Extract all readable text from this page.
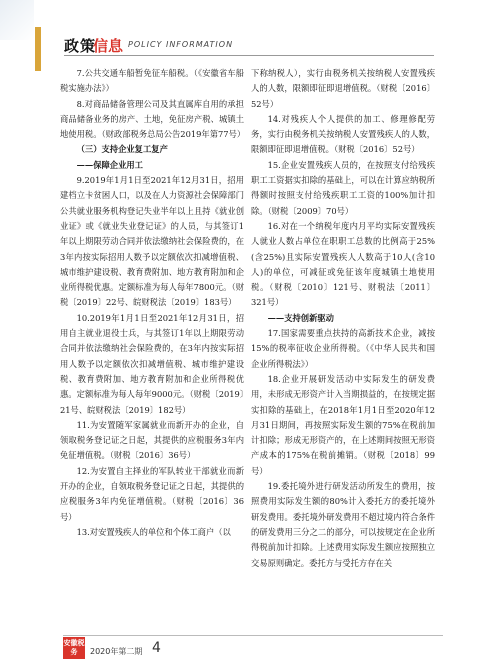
政策
信息 POLICY INFORMATION

7.公共交通车船暂免征车船税。（《安徽省车船税实施办法》）

8.对商品储备管理公司及其直属库自用的承担商品储备业务的房产、土地，免征房产税、城镇土地使用税。（财政部税务总局公告2019年第77号）

（三）支持企业复工复产

——保障企业用工

9.2019年1月1日至2021年12月31日，招用建档立卡贫困人口，以及在人力资源社会保障部门公共就业服务机构登记失业半年以上且持《就业创业证》或《就业失业登记证》的人员，与其签订1年以上期限劳动合同并依法缴纳社会保险费的，在3年内按实际招用人数予以定额依次扣减增值税、城市维护建设税、教育费附加、地方教育附加和企业所得税优惠。定额标准为每人每年7800元。（财税〔2019〕22号、皖财税法〔2019〕183号）

10.2019年1月1日至2021年12月31日，招用自主就业退役士兵，与其签订1年以上期限劳动合同并依法缴纳社会保险费的，在3年内按实际招用人数予以定额依次扣减增值税、城市维护建设税、教育费附加、地方教育附加和企业所得税优惠。定额标准为每人每年9000元。（财税〔2019〕21号、皖财税法〔2019〕182号）

11.为安置随军家属就业而新开办的企业，自领取税务登记证之日起，其提供的应税服务3年内免征增值税。（财税〔2016〕36号）

12.为安置自主择业的军队转业干部就业而新开办的企业，自领取税务登记证之日起，其提供的应税服务3年内免征增值税。（财税〔2016〕36号）

13.对安置残疾人的单位和个体工商户（以

下称纳税人），实行由税务机关按纳税人安置残疾人的人数，限额即征即退增值税。（财税〔2016〕52号）

14.对残疾人个人提供的加工、修理修配劳务，实行由税务机关按纳税人安置残疾人的人数，限额即征即退增值税。（财税〔2016〕52号）

15.企业安置残疾人员的，在按照支付给残疾职工工资据实扣除的基础上，可以在计算应纳税所得额时按照支付给残疾职工工资的100%加计扣除。（财税〔2009〕70号）

16.对在一个纳税年度内月平均实际安置残疾人就业人数占单位在职职工总数的比例高于25%(含25%)且实际安置残疾人人数高于10人(含10人)的单位，可减征或免征该年度城镇土地使用税。（财税〔2010〕121号、财税法〔2011〕321号）

——支持创新驱动

17.国家需要重点扶持的高新技术企业，减按15%的税率征收企业所得税。（《中华人民共和国企业所得税法》）

18.企业开展研发活动中实际发生的研发费用，未形成无形资产计入当期损益的，在按规定据实扣除的基础上，在2018年1月1日至2020年12月31日期间，再按照实际发生额的75%在税前加计扣除；形成无形资产的，在上述期间按照无形资产成本的175%在税前摊销。（财税〔2018〕99号）

19.委托境外进行研发活动所发生的费用，按照费用实际发生额的80%计入委托方的委托境外研发费用。委托境外研发费用不超过境内符合条件的研发费用三分之二的部分，可以按规定在企业所得税前加计扣除。上述费用实际发生额应按照独立交易原则确定。委托方与受托方存在关

安徽税务	2020年第二期 4
